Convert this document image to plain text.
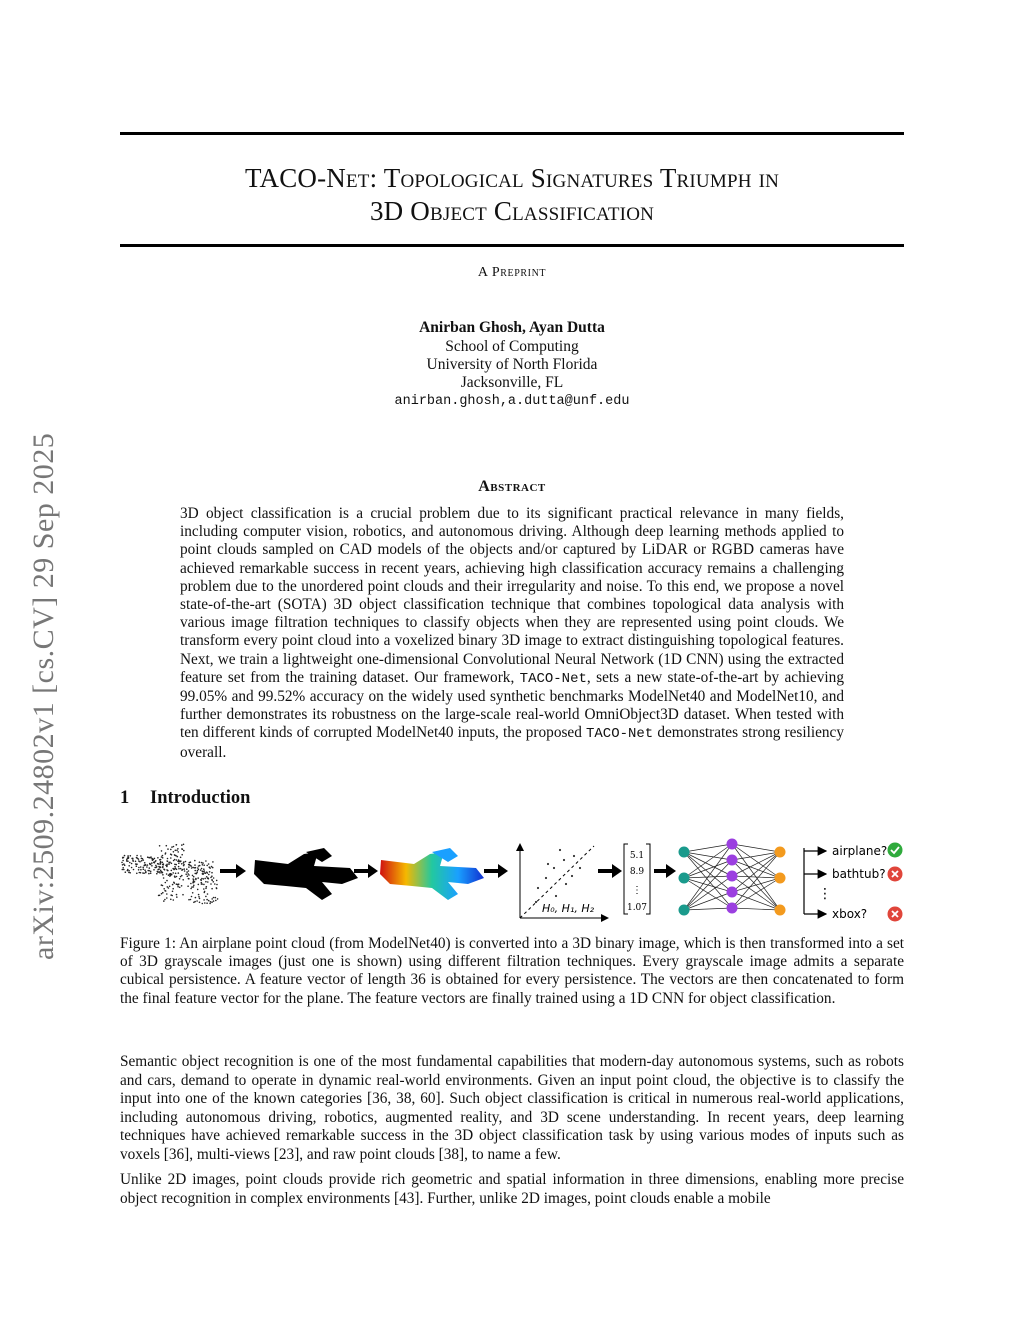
arXiv:2509.24802v1 [cs.CV] 29 Sep 2025
TACO-Net: Topological Signatures Triumph in
3D Object Classification
A Preprint
Anirban Ghosh, Ayan Dutta
School of Computing
University of North Florida
Jacksonville, FL
anirban.ghosh,a.dutta@unf.edu
Abstract
3D object classification is a crucial problem due to its significant practical relevance in many fields, including computer vision, robotics, and autonomous driving. Although deep learning methods applied to point clouds sampled on CAD models of the objects and/or captured by LiDAR or RGBD cameras have achieved remarkable success in recent years, achieving high classification accuracy remains a challenging problem due to the unordered point clouds and their irregularity and noise. To this end, we propose a novel state-of-the-art (SOTA) 3D object classification technique that combines topological data analysis with various image filtration techniques to classify objects when they are represented using point clouds. We transform every point cloud into a voxelized binary 3D image to extract distinguishing topological features. Next, we train a lightweight one-dimensional Convolutional Neural Network (1D CNN) using the extracted feature set from the training dataset. Our framework, TACO-Net, sets a new state-of-the-art by achieving 99.05% and 99.52% accuracy on the widely used synthetic benchmarks ModelNet40 and ModelNet10, and further demonstrates its robustness on the large-scale real-world OmniObject3D dataset. When tested with ten different kinds of corrupted ModelNet40 inputs, the proposed TACO-Net demonstrates strong resiliency overall.
1 Introduction
H₀, H₁, H₂
5.1
8.9
⋮
1.07
⋮
airplane?
bathtub?
xbox?
Figure 1: An airplane point cloud (from ModelNet40) is converted into a 3D binary image, which is then transformed into a set of 3D grayscale images (just one is shown) using different filtration techniques. Every grayscale image admits a separate cubical persistence. A feature vector of length 36 is obtained for every persistence. The vectors are then concatenated to form the final feature vector for the plane. The feature vectors are finally trained using a 1D CNN for object classification.
Semantic object recognition is one of the most fundamental capabilities that modern-day autonomous systems, such as robots and cars, demand to operate in dynamic real-world environments. Given an input point cloud, the objective is to classify the input into one of the known categories [36, 38, 60]. Such object classification is critical in numerous real-world applications, including autonomous driving, robotics, augmented reality, and 3D scene understanding. In recent years, deep learning techniques have achieved remarkable success in the 3D object classification task by using various modes of inputs such as voxels [36], multi-views [23], and raw point clouds [38], to name a few.
Unlike 2D images, point clouds provide rich geometric and spatial information in three dimensions, enabling more precise object recognition in complex environments [43]. Further, unlike 2D images, point clouds enable a mobile
